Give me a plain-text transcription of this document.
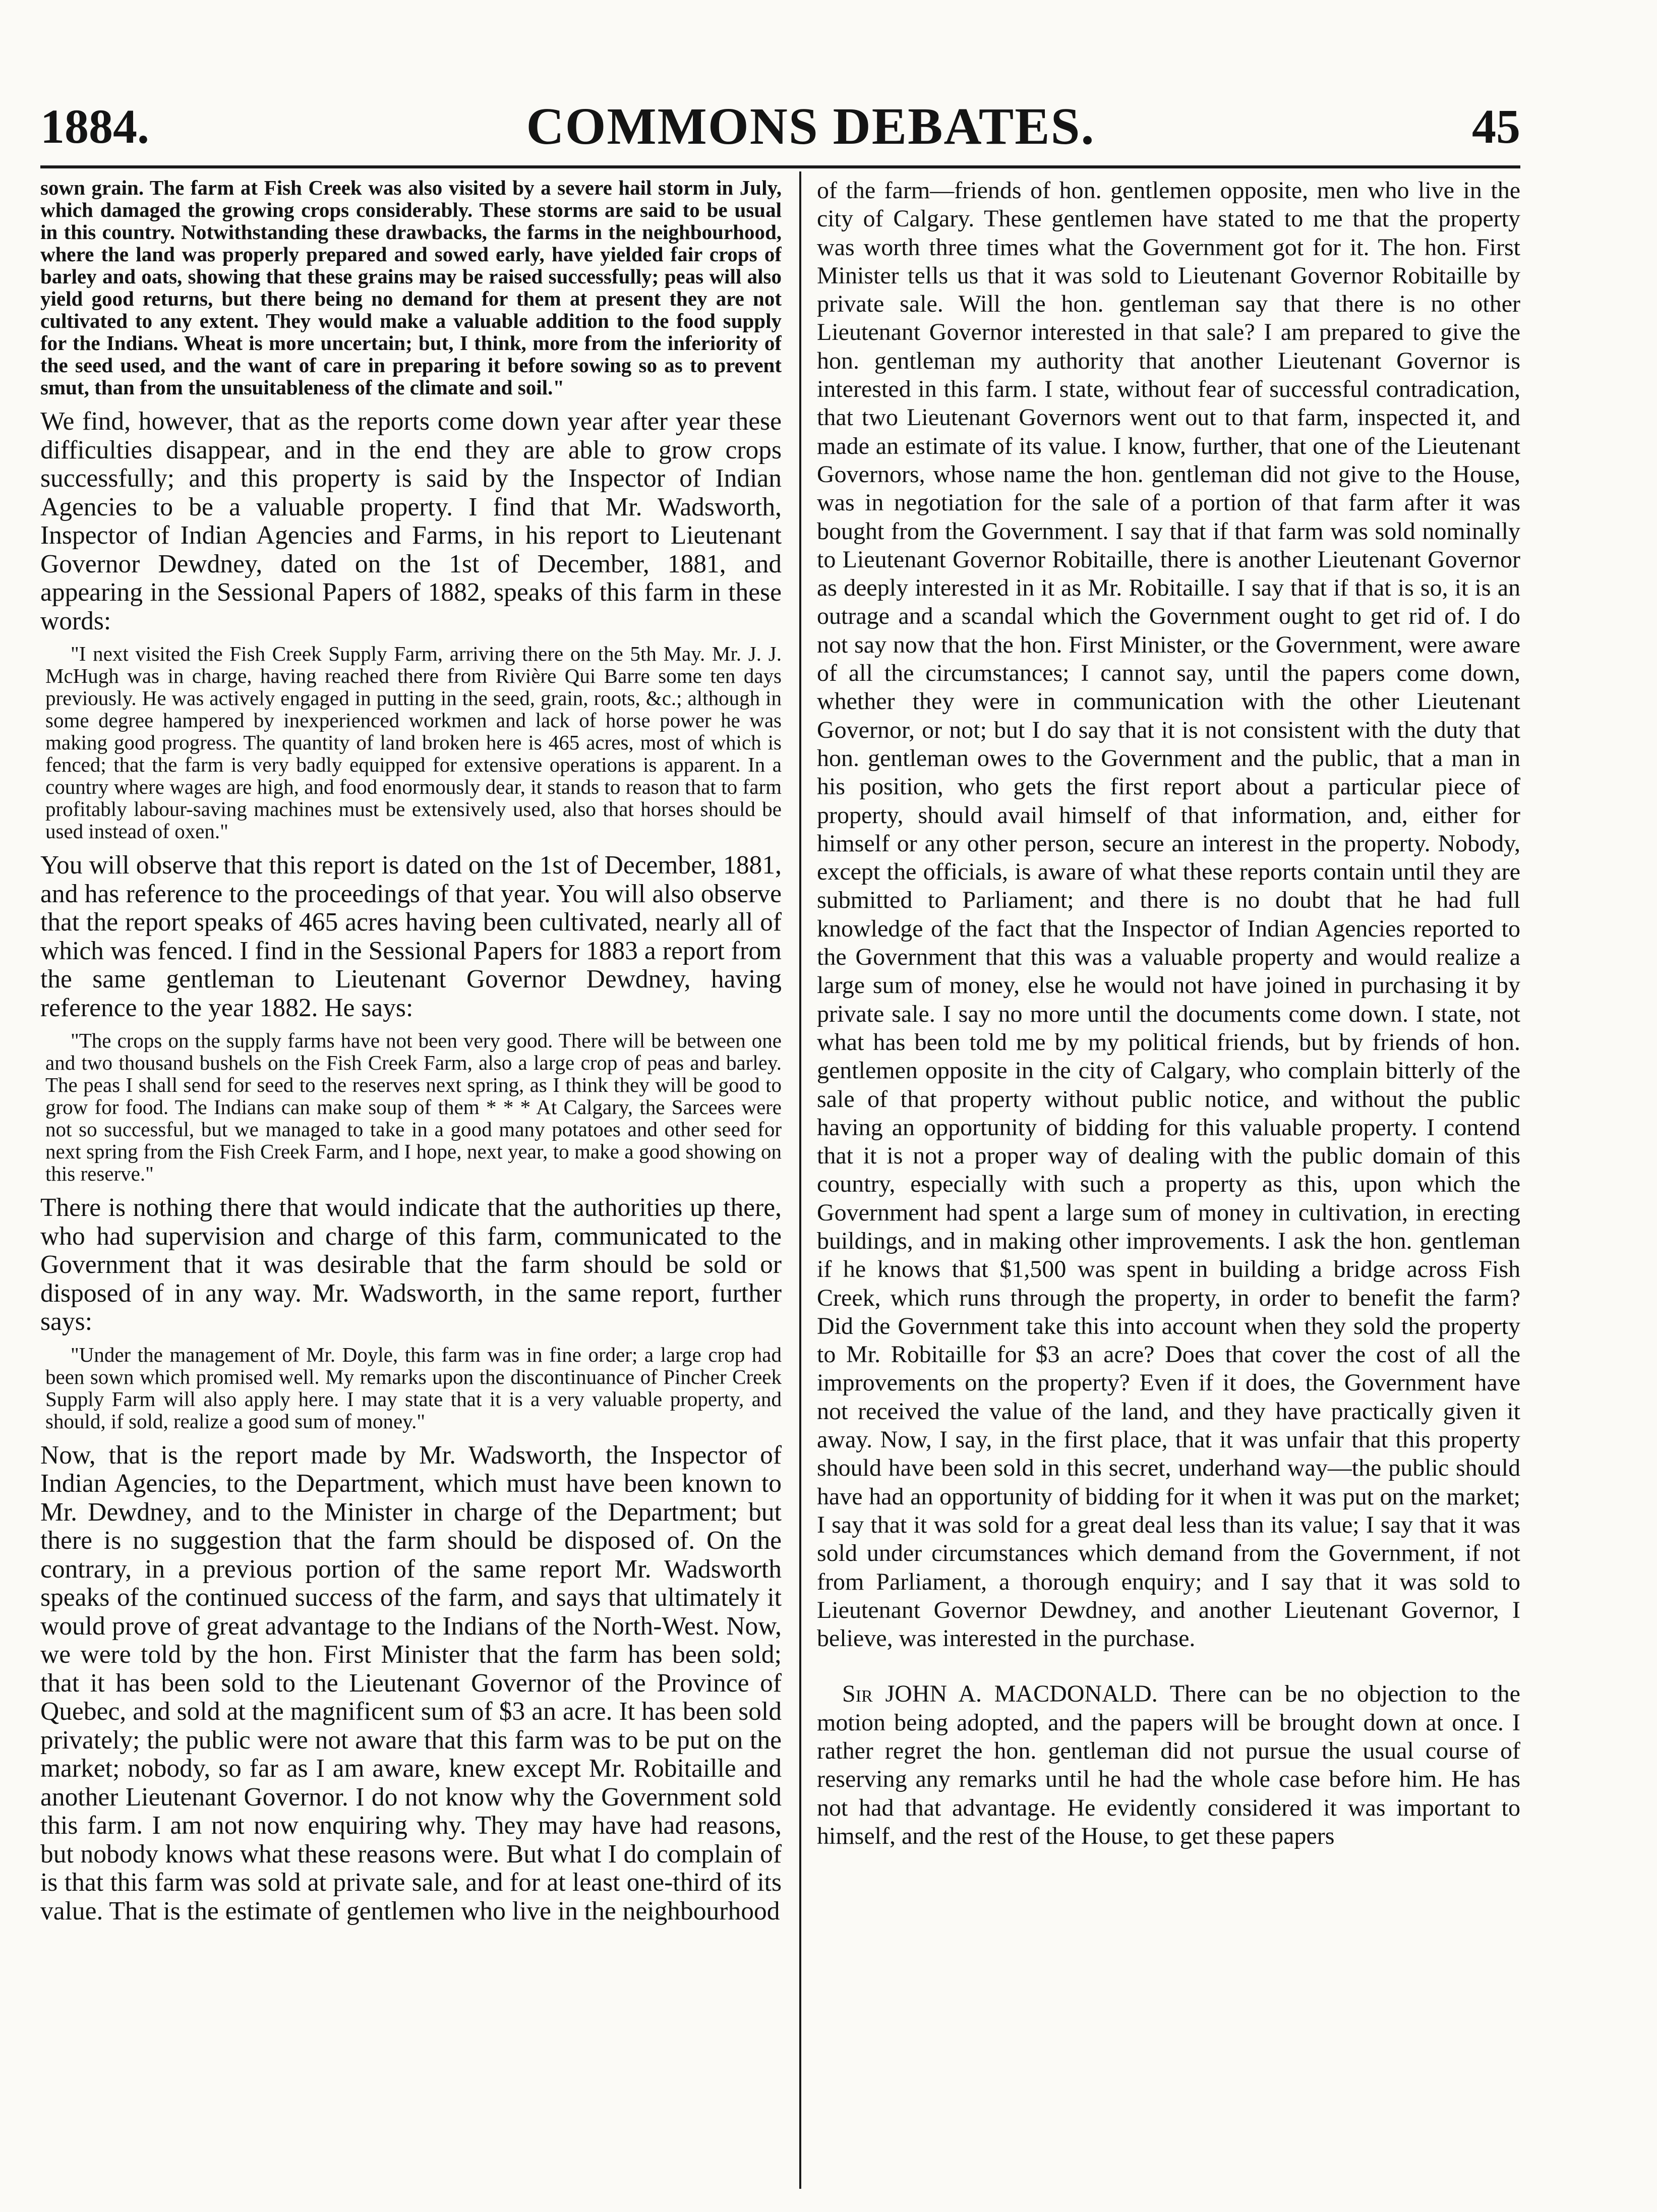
1884.	COMMONS DEBATES.	45

sown grain. The farm at Fish Creek was also visited by a severe hail storm in July, which damaged the growing crops considerably. These storms are said to be usual in this country. Notwithstanding these drawbacks, the farms in the neighbourhood, where the land was properly prepared and sowed early, have yielded fair crops of barley and oats, showing that these grains may be raised successfully; peas will also yield good returns, but there being no demand for them at present they are not cultivated to any extent. They would make a valuable addition to the food supply for the Indians. Wheat is more uncertain; but, I think, more from the inferiority of the seed used, and the want of care in preparing it before sowing so as to prevent smut, than from the unsuitableness of the climate and soil."

We find, however, that as the reports come down year after year these difficulties disappear, and in the end they are able to grow crops successfully; and this property is said by the Inspector of Indian Agencies to be a valuable property. I find that Mr. Wadsworth, Inspector of Indian Agencies and Farms, in his report to Lieutenant Governor Dewdney, dated on the 1st of December, 1881, and appearing in the Sessional Papers of 1882, speaks of this farm in these words:

"I next visited the Fish Creek Supply Farm, arriving there on the 5th May. Mr. J. J. McHugh was in charge, having reached there from Rivière Qui Barre some ten days previously. He was actively engaged in putting in the seed, grain, roots, &c.; although in some degree hampered by inexperienced workmen and lack of horse power he was making good progress. The quantity of land broken here is 465 acres, most of which is fenced; that the farm is very badly equipped for extensive operations is apparent. In a country where wages are high, and food enormously dear, it stands to reason that to farm profitably labour-saving machines must be extensively used, also that horses should be used instead of oxen."

You will observe that this report is dated on the 1st of December, 1881, and has reference to the proceedings of that year. You will also observe that the report speaks of 465 acres having been cultivated, nearly all of which was fenced. I find in the Sessional Papers for 1883 a report from the same gentleman to Lieutenant Governor Dewdney, having reference to the year 1882. He says:

"The crops on the supply farms have not been very good. There will be between one and two thousand bushels on the Fish Creek Farm, also a large crop of peas and barley. The peas I shall send for seed to the reserves next spring, as I think they will be good to grow for food. The Indians can make soup of them * * * At Calgary, the Sarcees were not so successful, but we managed to take in a good many potatoes and other seed for next spring from the Fish Creek Farm, and I hope, next year, to make a good showing on this reserve."

There is nothing there that would indicate that the authorities up there, who had supervision and charge of this farm, communicated to the Government that it was desirable that the farm should be sold or disposed of in any way. Mr. Wadsworth, in the same report, further says:

"Under the management of Mr. Doyle, this farm was in fine order; a large crop had been sown which promised well. My remarks upon the discontinuance of Pincher Creek Supply Farm will also apply here. I may state that it is a very valuable property, and should, if sold, realize a good sum of money."

Now, that is the report made by Mr. Wadsworth, the Inspector of Indian Agencies, to the Department, which must have been known to Mr. Dewdney, and to the Minister in charge of the Department; but there is no suggestion that the farm should be disposed of. On the contrary, in a previous portion of the same report Mr. Wadsworth speaks of the continued success of the farm, and says that ultimately it would prove of great advantage to the Indians of the North-West. Now, we were told by the hon. First Minister that the farm has been sold; that it has been sold to the Lieutenant Governor of the Province of Quebec, and sold at the magnificent sum of $3 an acre. It has been sold privately; the public were not aware that this farm was to be put on the market; nobody, so far as I am aware, knew except Mr. Robitaille and another Lieutenant Governor. I do not know why the Government sold this farm. I am not now enquiring why. They may have had reasons, but nobody knows what these reasons were. But what I do complain of is that this farm was sold at private sale, and for at least one-third of its value. That is the estimate of gentlemen who live in the neighbourhood

of the farm—friends of hon. gentlemen opposite, men who live in the city of Calgary. These gentlemen have stated to me that the property was worth three times what the Government got for it. The hon. First Minister tells us that it was sold to Lieutenant Governor Robitaille by private sale. Will the hon. gentleman say that there is no other Lieutenant Governor interested in that sale? I am prepared to give the hon. gentleman my authority that another Lieutenant Governor is interested in this farm. I state, without fear of successful contradication, that two Lieutenant Governors went out to that farm, inspected it, and made an estimate of its value. I know, further, that one of the Lieutenant Governors, whose name the hon. gentleman did not give to the House, was in negotiation for the sale of a portion of that farm after it was bought from the Government. I say that if that farm was sold nominally to Lieutenant Governor Robitaille, there is another Lieutenant Governor as deeply interested in it as Mr. Robitaille. I say that if that is so, it is an outrage and a scandal which the Government ought to get rid of. I do not say now that the hon. First Minister, or the Government, were aware of all the circumstances; I cannot say, until the papers come down, whether they were in communication with the other Lieutenant Governor, or not; but I do say that it is not consistent with the duty that hon. gentleman owes to the Government and the public, that a man in his position, who gets the first report about a particular piece of property, should avail himself of that information, and, either for himself or any other person, secure an interest in the property. Nobody, except the officials, is aware of what these reports contain until they are submitted to Parliament; and there is no doubt that he had full knowledge of the fact that the Inspector of Indian Agencies reported to the Government that this was a valuable property and would realize a large sum of money, else he would not have joined in purchasing it by private sale. I say no more until the documents come down. I state, not what has been told me by my political friends, but by friends of hon. gentlemen opposite in the city of Calgary, who complain bitterly of the sale of that property without public notice, and without the public having an opportunity of bidding for this valuable property. I contend that it is not a proper way of dealing with the public domain of this country, especially with such a property as this, upon which the Government had spent a large sum of money in cultivation, in erecting buildings, and in making other improvements. I ask the hon. gentleman if he knows that $1,500 was spent in building a bridge across Fish Creek, which runs through the property, in order to benefit the farm? Did the Government take this into account when they sold the property to Mr. Robitaille for $3 an acre? Does that cover the cost of all the improvements on the property? Even if it does, the Government have not received the value of the land, and they have practically given it away. Now, I say, in the first place, that it was unfair that this property should have been sold in this secret, underhand way—the public should have had an opportunity of bidding for it when it was put on the market; I say that it was sold for a great deal less than its value; I say that it was sold under circumstances which demand from the Government, if not from Parliament, a thorough enquiry; and I say that it was sold to Lieutenant Governor Dewdney, and another Lieutenant Governor, I believe, was interested in the purchase.

Sir JOHN A. MACDONALD. There can be no objection to the motion being adopted, and the papers will be brought down at once. I rather regret the hon. gentleman did not pursue the usual course of reserving any remarks until he had the whole case before him. He has not had that advantage. He evidently considered it was important to himself, and the rest of the House, to get these papers
